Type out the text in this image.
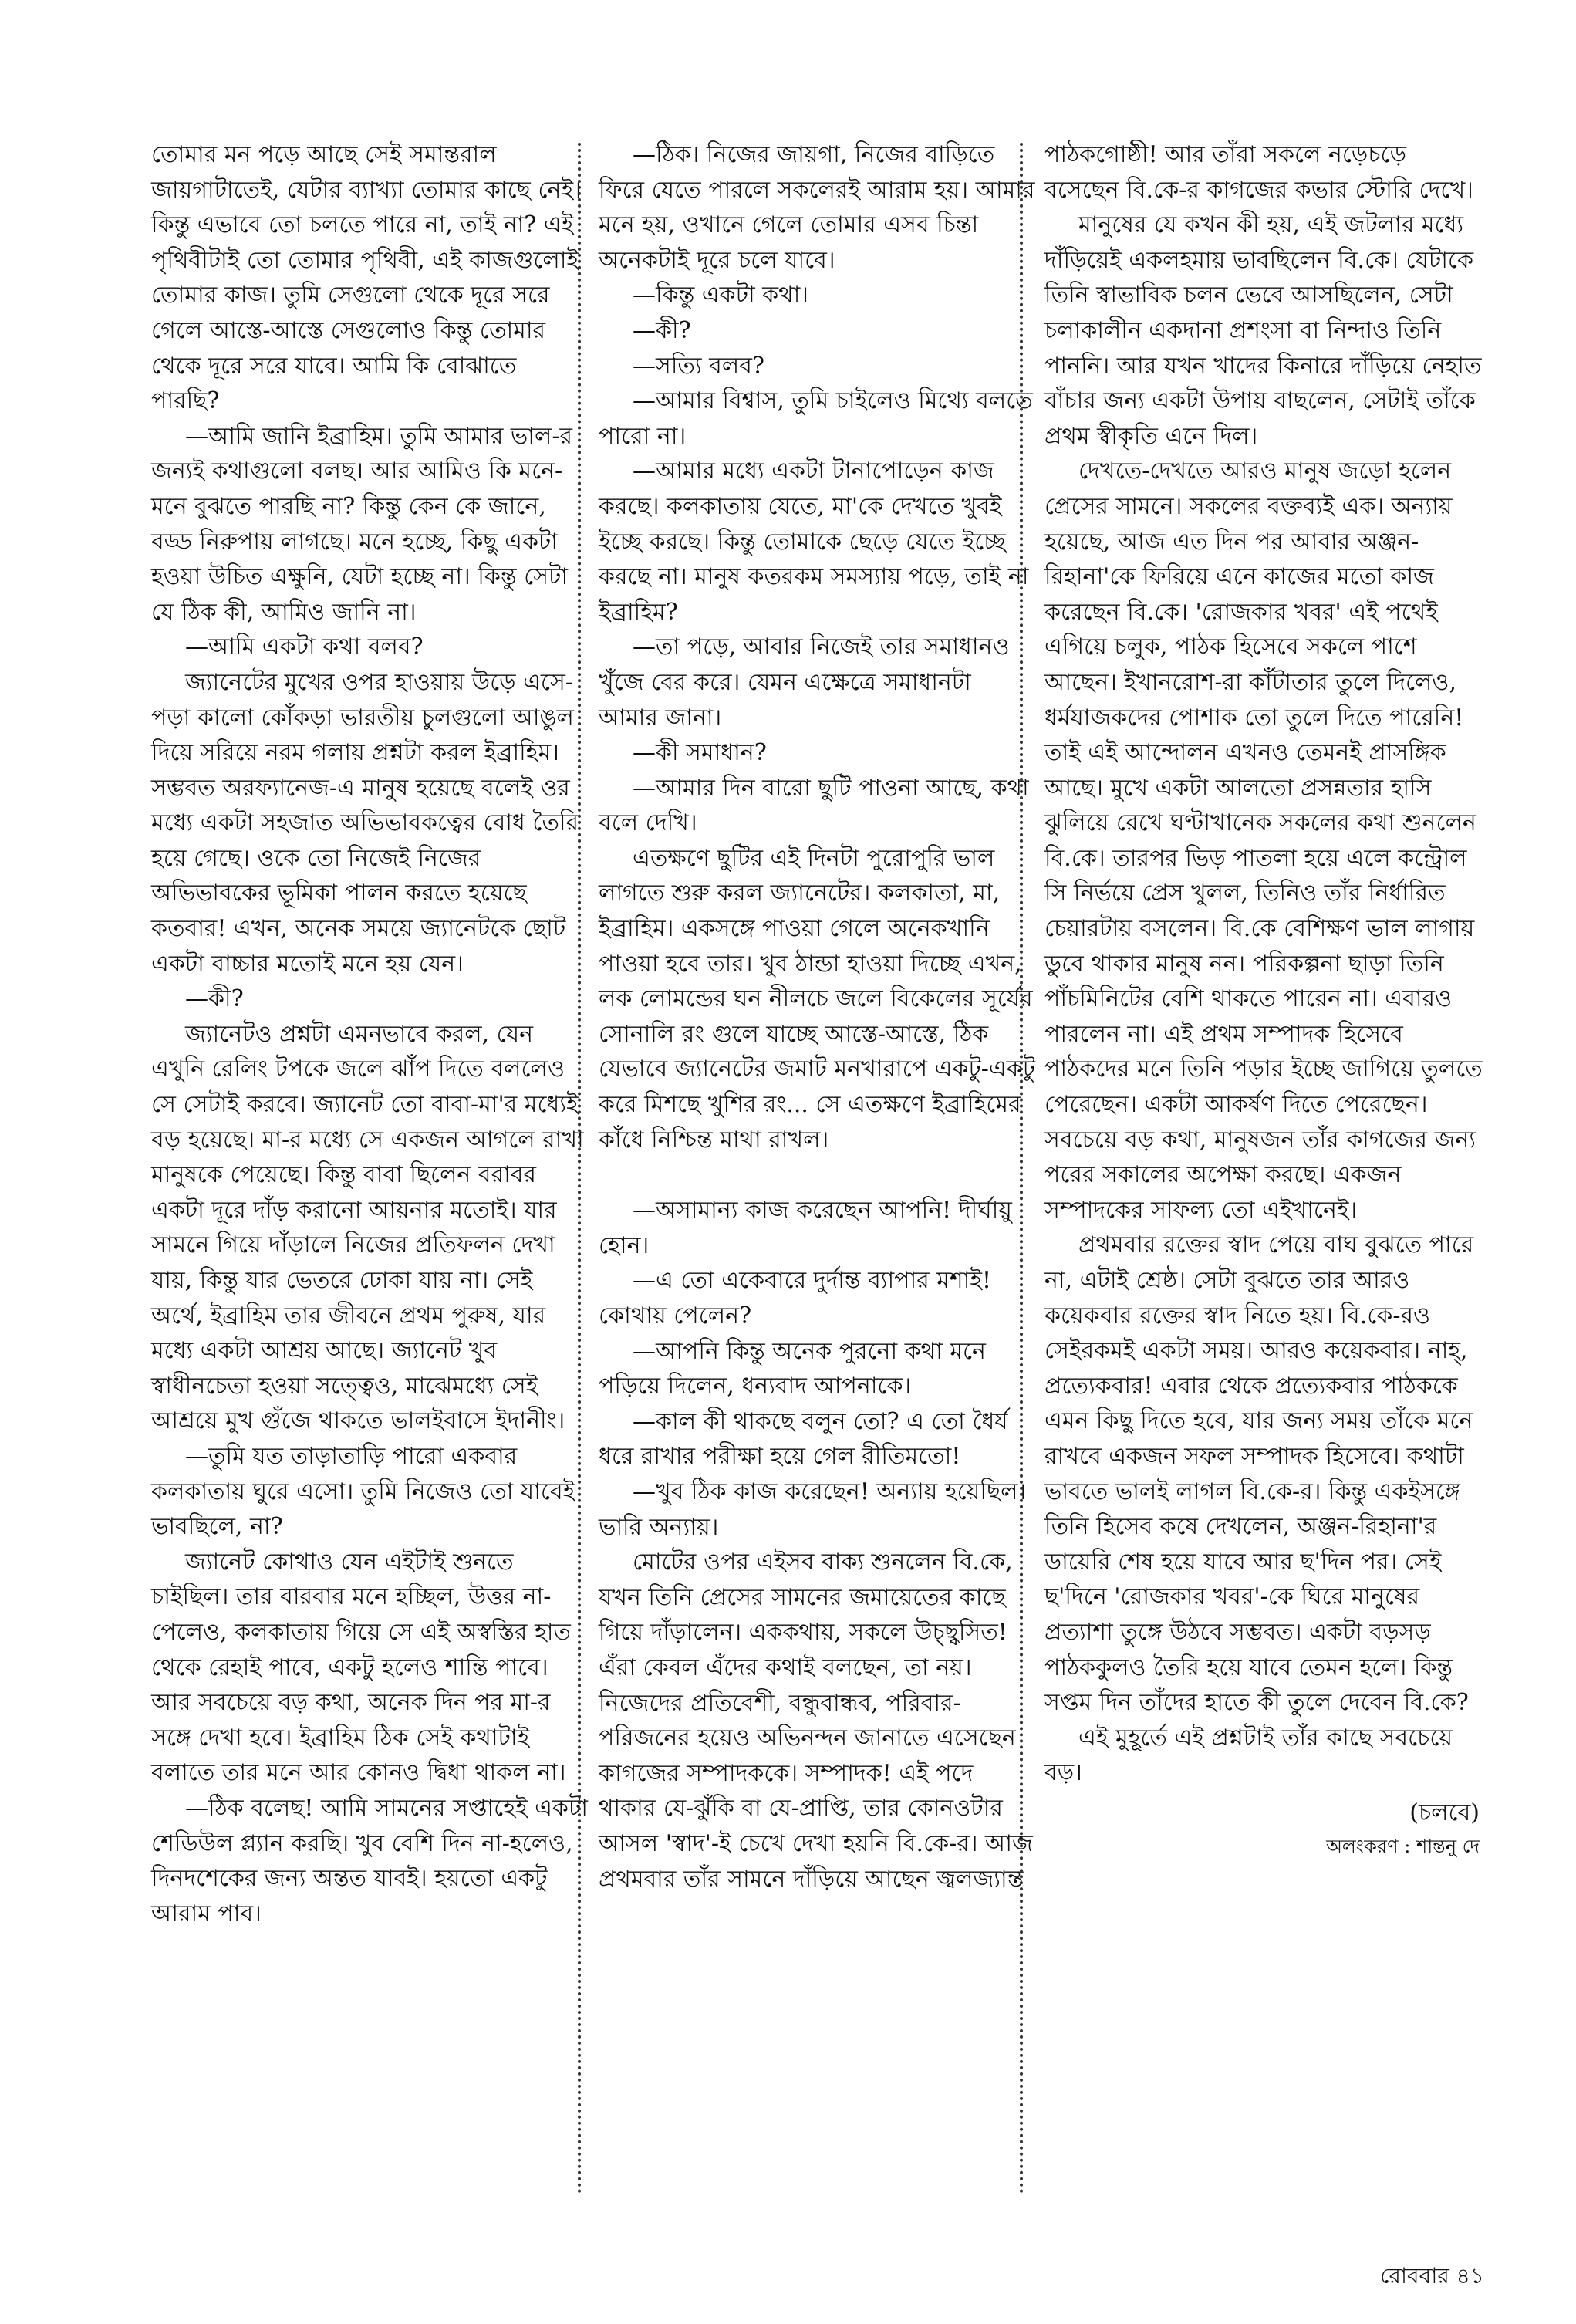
তোমার মন পড়ে আছে সেই সমান্তরাল জায়গাটাতেই, যেটার ব্যাখ্যা তোমার কাছে নেই। কিন্তু এভাবে তো চলতে পারে না, তাই না? এই পৃথিবীটাই তো তোমার পৃথিবী, এই কাজগুলোই তোমার কাজ। তুমি সেগুলো থেকে দূরে সরে গেলে আস্তে-আস্তে সেগুলোও কিন্তু তোমার থেকে দূরে সরে যাবে। আমি কি বোঝাতে পারছি?

—আমি জানি ইব্রাহিম। তুমি আমার ভাল-র জন্যই কথাগুলো বলছ। আর আমিও কি মনে-মনে বুঝতে পারছি না? কিন্তু কেন কে জানে, বড্ড নিরুপায় লাগছে। মনে হচ্ছে, কিছু একটা হওয়া উচিত এক্ষুনি, যেটা হচ্ছে না। কিন্তু সেটা যে ঠিক কী, আমিও জানি না।

—আমি একটা কথা বলব?

জ্যানেটের মুখের ওপর হাওয়ায় উড়ে এসে-পড়া কালো কোঁকড়া ভারতীয় চুলগুলো আঙুল দিয়ে সরিয়ে নরম গলায় প্রশ্নটা করল ইব্রাহিম। সম্ভবত অরফ্যানেজ-এ মানুষ হয়েছে বলেই ওর মধ্যে একটা সহজাত অভিভাবকত্বের বোধ তৈরি হয়ে গেছে। ওকে তো নিজেই নিজের অভিভাবকের ভূমিকা পালন করতে হয়েছে কতবার! এখন, অনেক সময়ে জ্যানেটকে ছোট একটা বাচ্চার মতোই মনে হয় যেন।

—কী?

জ্যানেটও প্রশ্নটা এমনভাবে করল, যেন এখুনি রেলিং টপকে জলে ঝাঁপ দিতে বললেও সে সেটাই করবে। জ্যানেট তো বাবা-মা'র মধ্যেই বড় হয়েছে। মা-র মধ্যে সে একজন আগলে রাখা মানুষকে পেয়েছে। কিন্তু বাবা ছিলেন বরাবর একটা দূরে দাঁড় করানো আয়নার মতোই। যার সামনে গিয়ে দাঁড়ালে নিজের প্রতিফলন দেখা যায়, কিন্তু যার ভেতরে ঢোকা যায় না। সেই অর্থে, ইব্রাহিম তার জীবনে প্রথম পুরুষ, যার মধ্যে একটা আশ্রয় আছে। জ্যানেট খুব স্বাধীনচেতা হওয়া সত্ত্বেও, মাঝেমধ্যে সেই আশ্রয়ে মুখ গুঁজে থাকতে ভালইবাসে ইদানীং।

—তুমি যত তাড়াতাড়ি পারো একবার কলকাতায় ঘুরে এসো। তুমি নিজেও তো যাবেই ভাবছিলে, না?

জ্যানেট কোথাও যেন এইটাই শুনতে চাইছিল। তার বারবার মনে হচ্ছিল, উত্তর না-পেলেও, কলকাতায় গিয়ে সে এই অস্বস্তির হাত থেকে রেহাই পাবে, একটু হলেও শান্তি পাবে। আর সবচেয়ে বড় কথা, অনেক দিন পর মা-র সঙ্গে দেখা হবে। ইব্রাহিম ঠিক সেই কথাটাই বলাতে তার মনে আর কোনও দ্বিধা থাকল না।

—ঠিক বলেছ! আমি সামনের সপ্তাহেই একটা শেডিউল প্ল্যান করছি। খুব বেশি দিন না-হলেও, দিনদশেকের জন্য অন্তত যাবই। হয়তো একটু আরাম পাব।

—ঠিক। নিজের জায়গা, নিজের বাড়িতে ফিরে যেতে পারলে সকলেরই আরাম হয়। আমার মনে হয়, ওখানে গেলে তোমার এসব চিন্তা অনেকটাই দূরে চলে যাবে।

—কিন্তু একটা কথা।

—কী?

—সত্যি বলব?

—আমার বিশ্বাস, তুমি চাইলেও মিথ্যে বলতে পারো না।

—আমার মধ্যে একটা টানাপোড়েন কাজ করছে। কলকাতায় যেতে, মা'কে দেখতে খুবই ইচ্ছে করছে। কিন্তু তোমাকে ছেড়ে যেতে ইচ্ছে করছে না। মানুষ কতরকম সমস্যায় পড়ে, তাই না ইব্রাহিম?

—তা পড়ে, আবার নিজেই তার সমাধানও খুঁজে বের করে। যেমন এক্ষেত্রে সমাধানটা আমার জানা।

—কী সমাধান?

—আমার দিন বারো ছুটি পাওনা আছে, কথা বলে দেখি।

এতক্ষণে ছুটির এই দিনটা পুরোপুরি ভাল লাগতে শুরু করল জ্যানেটের। কলকাতা, মা, ইব্রাহিম। একসঙ্গে পাওয়া গেলে অনেকখানি পাওয়া হবে তার। খুব ঠান্ডা হাওয়া দিচ্ছে এখন, লক লোমন্ডের ঘন নীলচে জলে বিকেলের সূর্যের সোনালি রং গুলে যাচ্ছে আস্তে-আস্তে, ঠিক যেভাবে জ্যানেটের জমাট মনখারাপে একটু-একটু করে মিশছে খুশির রং... সে এতক্ষণে ইব্রাহিমের কাঁধে নিশ্চিন্ত মাথা রাখল।

—অসামান্য কাজ করেছেন আপনি! দীর্ঘায়ু হোন।

—এ তো একেবারে দুর্দান্ত ব্যাপার মশাই! কোথায় পেলেন?

—আপনি কিন্তু অনেক পুরনো কথা মনে পড়িয়ে দিলেন, ধন্যবাদ আপনাকে।

—কাল কী থাকছে বলুন তো? এ তো ধৈর্য ধরে রাখার পরীক্ষা হয়ে গেল রীতিমতো!

—খুব ঠিক কাজ করেছেন! অন্যায় হয়েছিল। ভারি অন্যায়।

মোটের ওপর এইসব বাক্য শুনলেন বি.কে, যখন তিনি প্রেসের সামনের জমায়েতের কাছে গিয়ে দাঁড়ালেন। এককথায়, সকলে উচ্ছ্বসিত! এঁরা কেবল এঁদের কথাই বলছেন, তা নয়। নিজেদের প্রতিবেশী, বন্ধুবান্ধব, পরিবার-পরিজনের হয়েও অভিনন্দন জানাতে এসেছেন কাগজের সম্পাদককে। সম্পাদক! এই পদে থাকার যে-ঝুঁকি বা যে-প্রাপ্তি, তার কোনওটার আসল 'স্বাদ'-ই চেখে দেখা হয়নি বি.কে-র। আজ প্রথমবার তাঁর সামনে দাঁড়িয়ে আছেন জ্বলজ্যান্ত

পাঠকগোষ্ঠী! আর তাঁরা সকলে নড়েচড়ে বসেছেন বি.কে-র কাগজের কভার স্টোরি দেখে।

মানুষের যে কখন কী হয়, এই জটলার মধ্যে দাঁড়িয়েই একলহমায় ভাবছিলেন বি.কে। যেটাকে তিনি স্বাভাবিক চলন ভেবে আসছিলেন, সেটা চলাকালীন একদানা প্রশংসা বা নিন্দাও তিনি পাননি। আর যখন খাদের কিনারে দাঁড়িয়ে নেহাত বাঁচার জন্য একটা উপায় বাছলেন, সেটাই তাঁকে প্রথম স্বীকৃতি এনে দিল।

দেখতে-দেখতে আরও মানুষ জড়ো হলেন প্রেসের সামনে। সকলের বক্তব্যই এক। অন্যায় হয়েছে, আজ এত দিন পর আবার অঞ্জন-রিহানা'কে ফিরিয়ে এনে কাজের মতো কাজ করেছেন বি.কে। 'রোজকার খবর' এই পথেই এগিয়ে চলুক, পাঠক হিসেবে সকলে পাশে আছেন। ইখানরোশ-রা কাঁটাতার তুলে দিলেও, ধর্মযাজকদের পোশাক তো তুলে দিতে পারেনি! তাই এই আন্দোলন এখনও তেমনই প্রাসঙ্গিক আছে। মুখে একটা আলতো প্রসন্নতার হাসি ঝুলিয়ে রেখে ঘণ্টাখানেক সকলের কথা শুনলেন বি.কে। তারপর ভিড় পাতলা হয়ে এলে কন্ট্রোল সি নির্ভয়ে প্রেস খুলল, তিনিও তাঁর নির্ধারিত চেয়ারটায় বসলেন। বি.কে বেশিক্ষণ ভাল লাগায় ডুবে থাকার মানুষ নন। পরিকল্পনা ছাড়া তিনি পাঁচমিনিটের বেশি থাকতে পারেন না। এবারও পারলেন না। এই প্রথম সম্পাদক হিসেবে পাঠকদের মনে তিনি পড়ার ইচ্ছে জাগিয়ে তুলতে পেরেছেন। একটা আকর্ষণ দিতে পেরেছেন। সবচেয়ে বড় কথা, মানুষজন তাঁর কাগজের জন্য পরের সকালের অপেক্ষা করছে। একজন সম্পাদকের সাফল্য তো এইখানেই।

প্রথমবার রক্তের স্বাদ পেয়ে বাঘ বুঝতে পারে না, এটাই শ্রেষ্ঠ। সেটা বুঝতে তার আরও কয়েকবার রক্তের স্বাদ নিতে হয়। বি.কে-রও সেইরকমই একটা সময়। আরও কয়েকবার। নাহ্, প্রত্যেকবার! এবার থেকে প্রত্যেকবার পাঠককে এমন কিছু দিতে হবে, যার জন্য সময় তাঁকে মনে রাখবে একজন সফল সম্পাদক হিসেবে। কথাটা ভাবতে ভালই লাগল বি.কে-র। কিন্তু একইসঙ্গে তিনি হিসেব কষে দেখলেন, অঞ্জন-রিহানা'র ডায়েরি শেষ হয়ে যাবে আর ছ'দিন পর। সেই ছ'দিনে 'রোজকার খবর'-কে ঘিরে মানুষের প্রত্যাশা তুঙ্গে উঠবে সম্ভবত। একটা বড়সড় পাঠককুলও তৈরি হয়ে যাবে তেমন হলে। কিন্তু সপ্তম দিন তাঁদের হাতে কী তুলে দেবেন বি.কে?

এই মুহূর্তে এই প্রশ্নটাই তাঁর কাছে সবচেয়ে বড়।

(চলবে)

অলংকরণ : শান্তনু দে

রোববার ৪১
